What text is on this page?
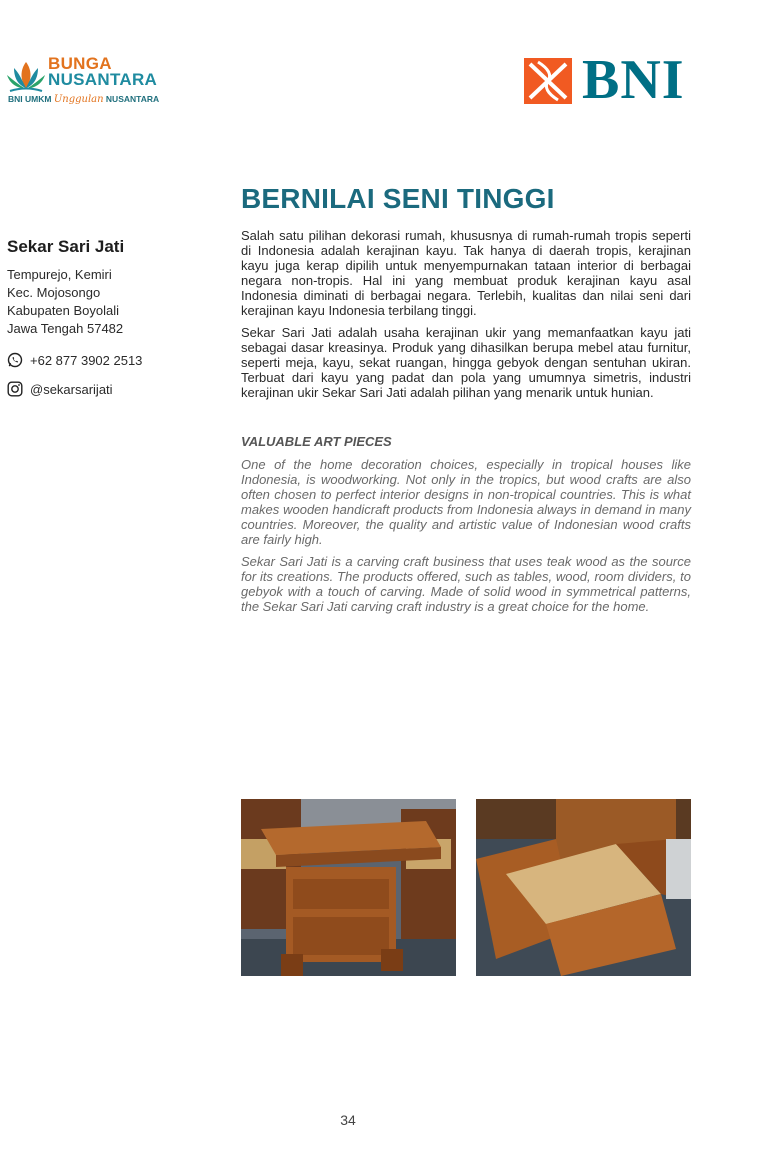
BUNGA
NUSANTARA
BNI UMKM Unggulan NUSANTARA	BNI
Sekar Sari Jati
Tempurejo, Kemiri
Kec. Mojosongo
Kabupaten Boyolali
Jawa Tengah 57482
+62 877 3902 2513
@sekarsarijati
BERNILAI SENI TINGGI

Salah satu pilihan dekorasi rumah, khususnya di rumah-rumah tropis seperti di Indonesia adalah kerajinan kayu. Tak hanya di daerah tropis, kerajinan kayu juga kerap dipilih untuk menyempurnakan tataan interior di berbagai negara non-tropis. Hal ini yang membuat produk kerajinan kayu asal Indonesia diminati di berbagai negara. Terlebih, kualitas dan nilai seni dari kerajinan kayu Indonesia terbilang tinggi.

Sekar Sari Jati adalah usaha kerajinan ukir yang memanfaatkan kayu jati sebagai dasar kreasinya. Produk yang dihasilkan berupa mebel atau furnitur, seperti meja, kayu, sekat ruangan, hingga gebyok dengan sentuhan ukiran. Terbuat dari kayu yang padat dan pola yang umumnya simetris, industri kerajinan ukir Sekar Sari Jati adalah pilihan yang menarik untuk hunian.

VALUABLE ART PIECES

One of the home decoration choices, especially in tropical houses like Indonesia, is woodworking. Not only in the tropics, but wood crafts are also often chosen to perfect interior designs in non-tropical countries. This is what makes wooden handicraft products from Indonesia always in demand in many countries. Moreover, the quality and artistic value of Indonesian wood crafts are fairly high.

Sekar Sari Jati is a carving craft business that uses teak wood as the source for its creations. The products offered, such as tables, wood, room dividers, to gebyok with a touch of carving. Made of solid wood in symmetrical patterns, the Sekar Sari Jati carving craft industry is a great choice for the home.

34
